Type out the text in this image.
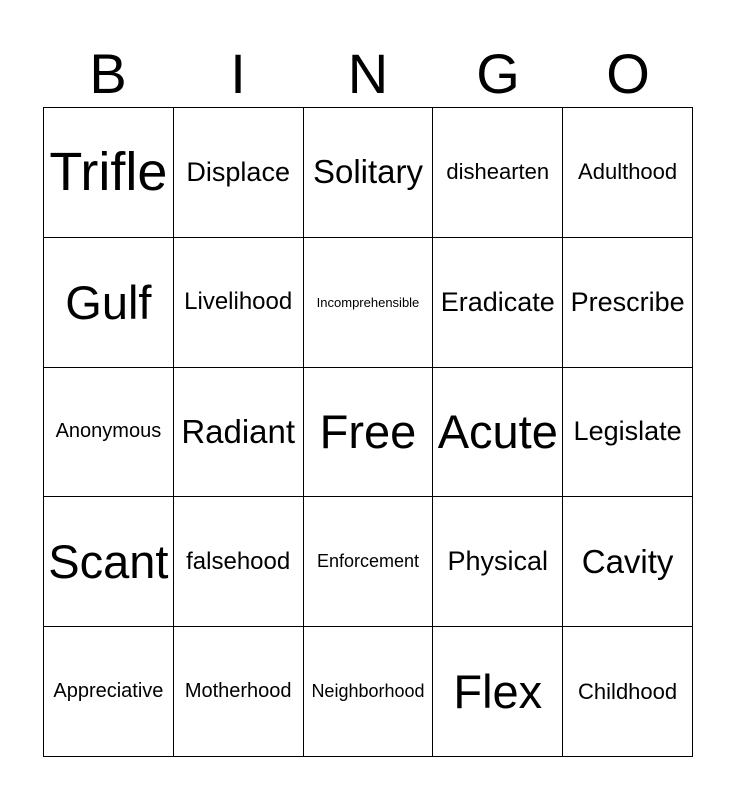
B	I	N	G	O
Trifle Displace Solitary dishearten Adulthood
Gulf Livelihood Incomprehensible Eradicate Prescribe
Anonymous Radiant Free Acute Legislate
Scant falsehood Enforcement Physical Cavity
Appreciative Motherhood Neighborhood Flex Childhood
